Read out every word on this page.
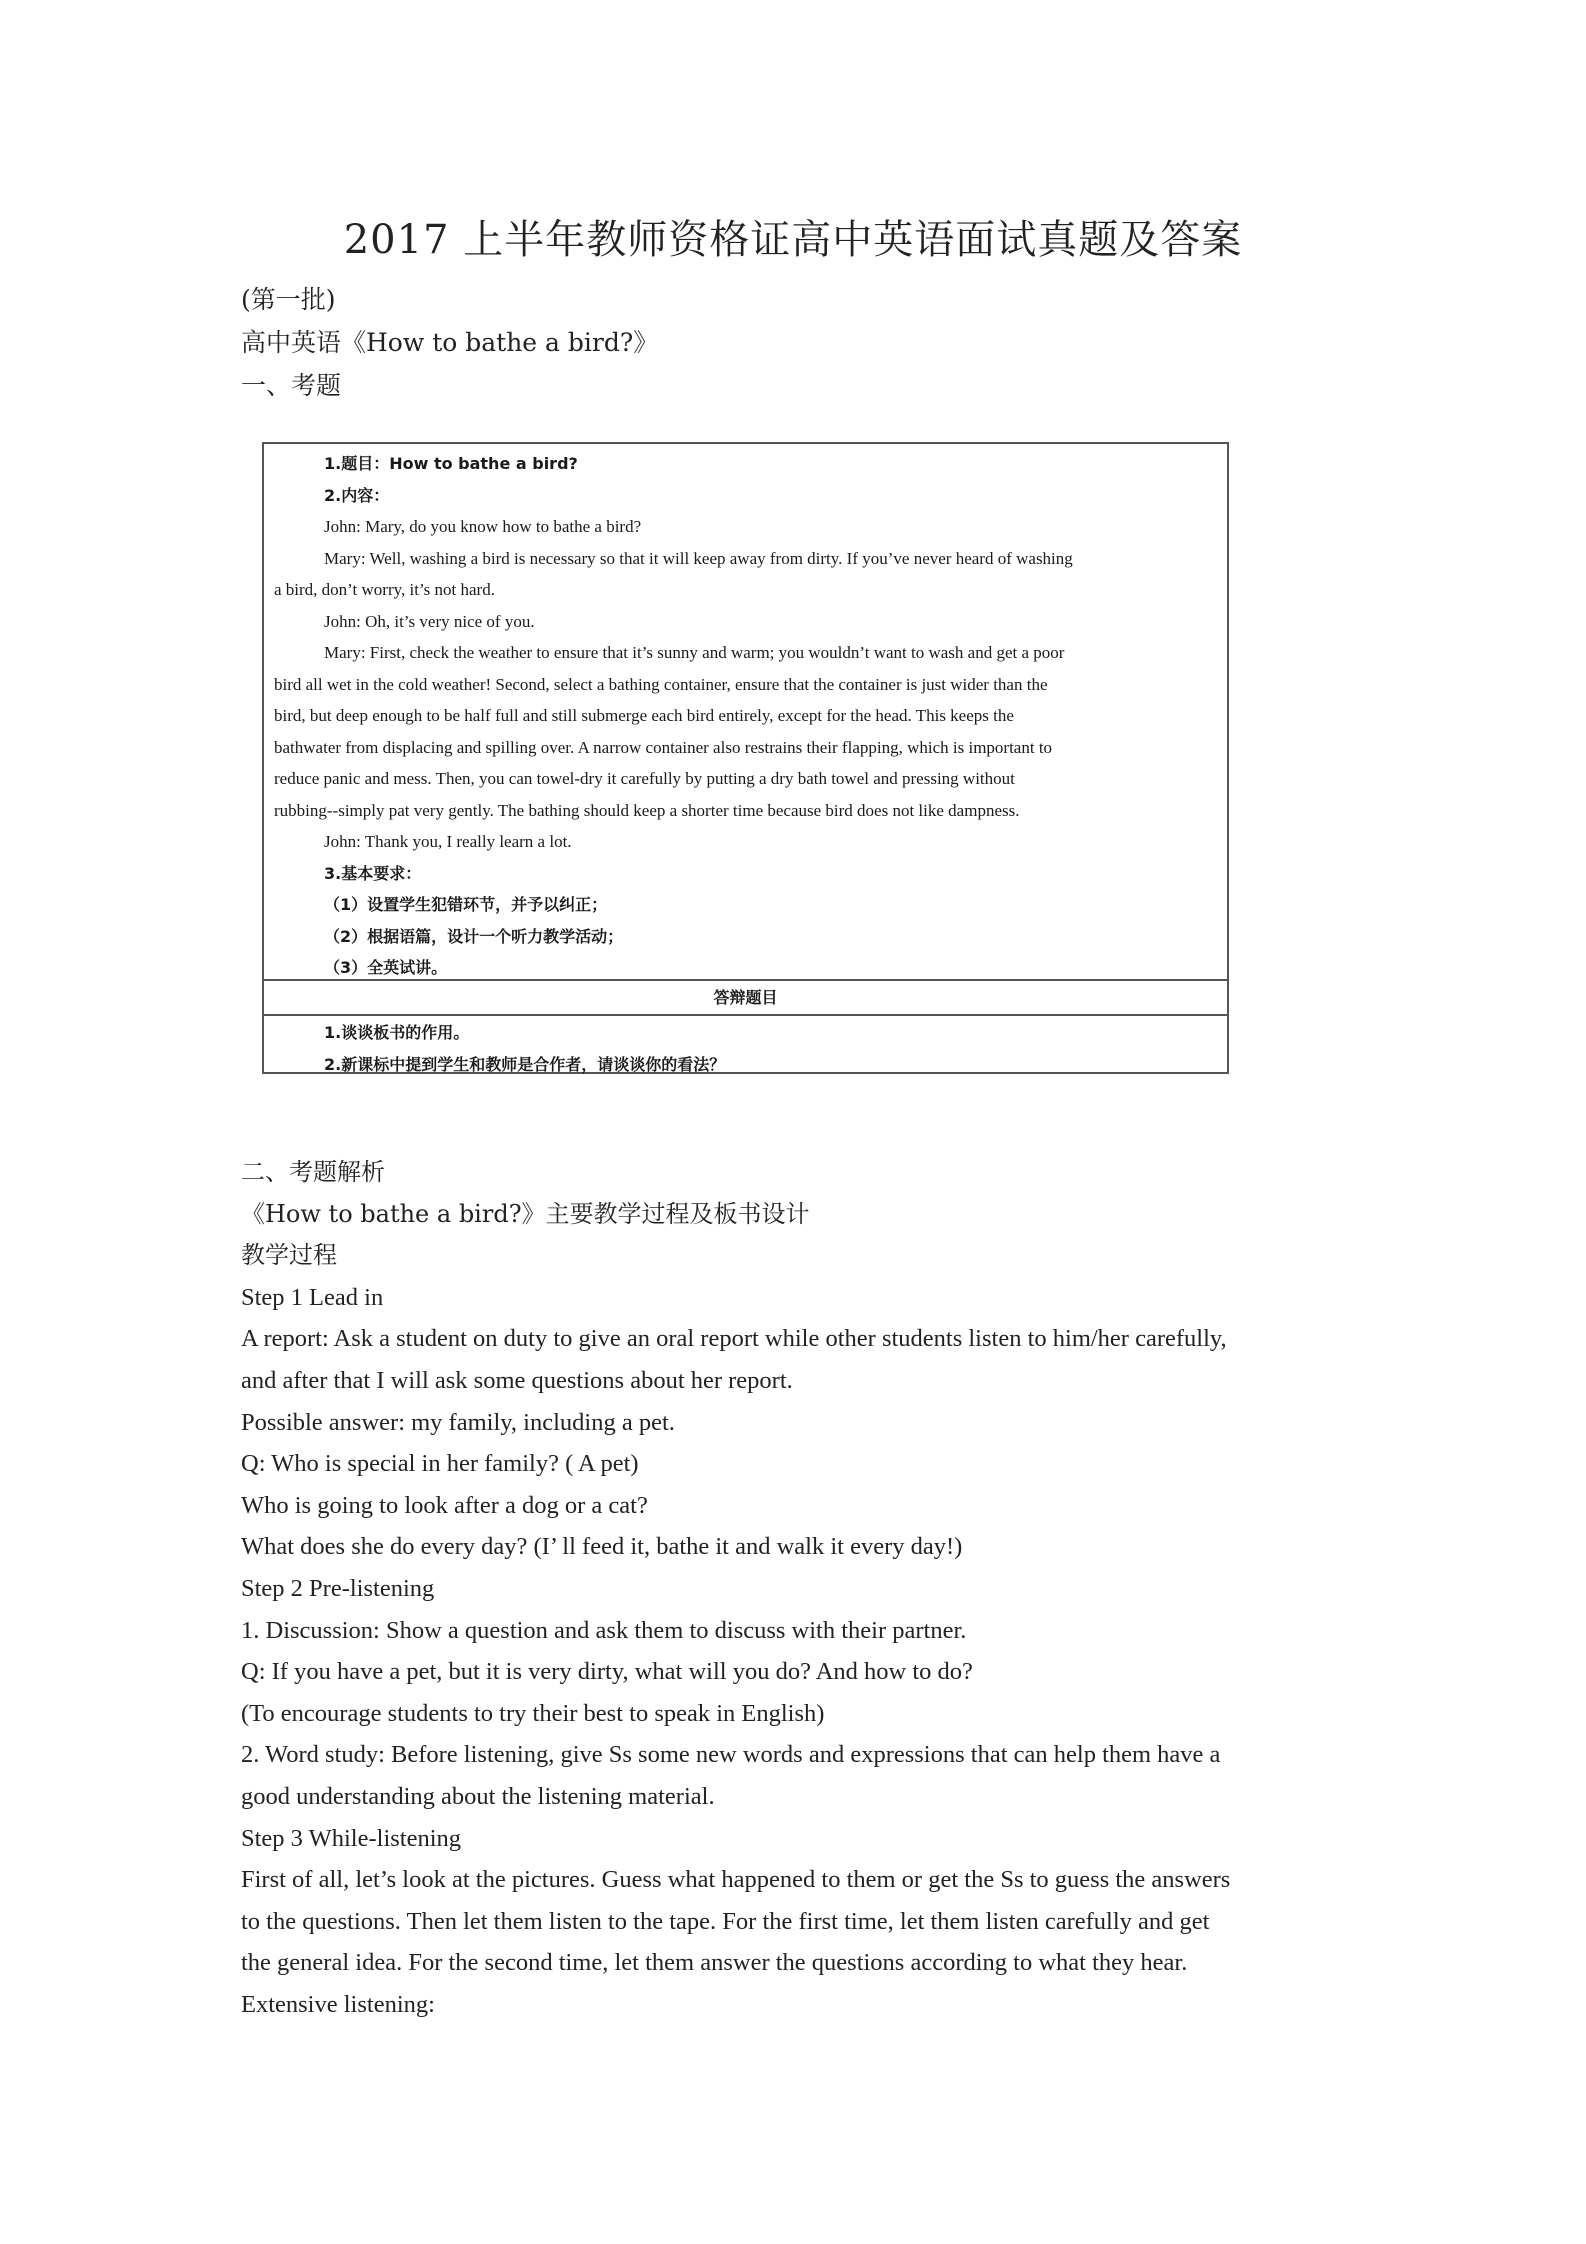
2017 上半年教师资格证高中英语面试真题及答案
(第一批)
高中英语《How to bathe a bird?》
一、考题
1.题目：How to bathe a bird?
2.内容：
John: Mary, do you know how to bathe a bird?
Mary: Well, washing a bird is necessary so that it will keep away from dirty. If you’ve never heard of washing
a bird, don’t worry, it’s not hard.
John: Oh, it’s very nice of you.
Mary: First, check the weather to ensure that it’s sunny and warm; you wouldn’t want to wash and get a poor
bird all wet in the cold weather! Second, select a bathing container, ensure that the container is just wider than the
bird, but deep enough to be half full and still submerge each bird entirely, except for the head. This keeps the
bathwater from displacing and spilling over. A narrow container also restrains their flapping, which is important to
reduce panic and mess. Then, you can towel-dry it carefully by putting a dry bath towel and pressing without
rubbing--simply pat very gently. The bathing should keep a shorter time because bird does not like dampness.
John: Thank you, I really learn a lot.
3.基本要求：
（1）设置学生犯错环节，并予以纠正；
（2）根据语篇，设计一个听力教学活动；
（3）全英试讲。
答辩题目
1.谈谈板书的作用。
2.新课标中提到学生和教师是合作者，请谈谈你的看法？
二、考题解析
《How to bathe a bird?》主要教学过程及板书设计
教学过程
Step 1 Lead in
A report: Ask a student on duty to give an oral report while other students listen to him/her carefully,
and after that I will ask some questions about her report.
Possible answer: my family, including a pet.
Q: Who is special in her family? ( A pet)
Who is going to look after a dog or a cat?
What does she do every day? (I’ ll feed it, bathe it and walk it every day!)
Step 2 Pre-listening
1. Discussion: Show a question and ask them to discuss with their partner.
Q: If you have a pet, but it is very dirty, what will you do? And how to do?
(To encourage students to try their best to speak in English)
2. Word study: Before listening, give Ss some new words and expressions that can help them have a
good understanding about the listening material.
Step 3 While-listening
First of all, let’s look at the pictures. Guess what happened to them or get the Ss to guess the answers
to the questions. Then let them listen to the tape. For the first time, let them listen carefully and get
the general idea. For the second time, let them answer the questions according to what they hear.
Extensive listening:
